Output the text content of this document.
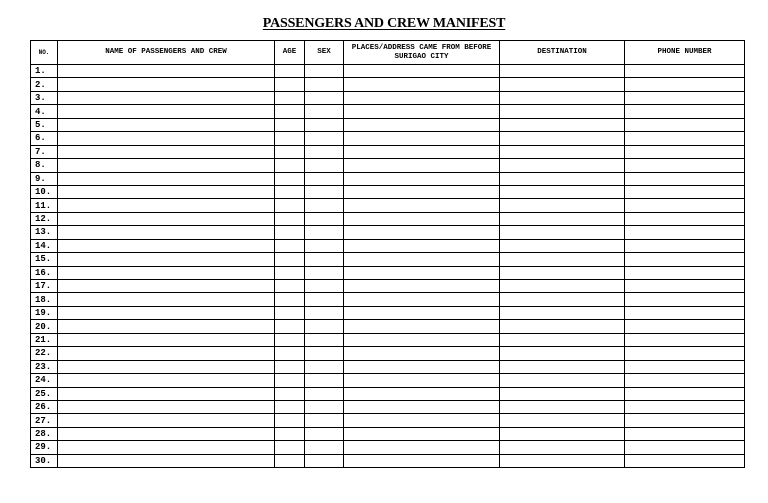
PASSENGERS AND CREW MANIFEST
NO.	NAME OF PASSENGERS AND CREW	AGE	SEX	PLACES/ADDRESS CAME FROM BEFORE SURIGAO CITY	DESTINATION	PHONE NUMBER
1.						
2.						
3.						
4.						
5.						
6.						
7.						
8.						
9.						
10.						
11.						
12.						
13.						
14.						
15.						
16.						
17.						
18.						
19.						
20.						
21.						
22.						
23.						
24.						
25.						
26.						
27.						
28.						
29.						
30.						
